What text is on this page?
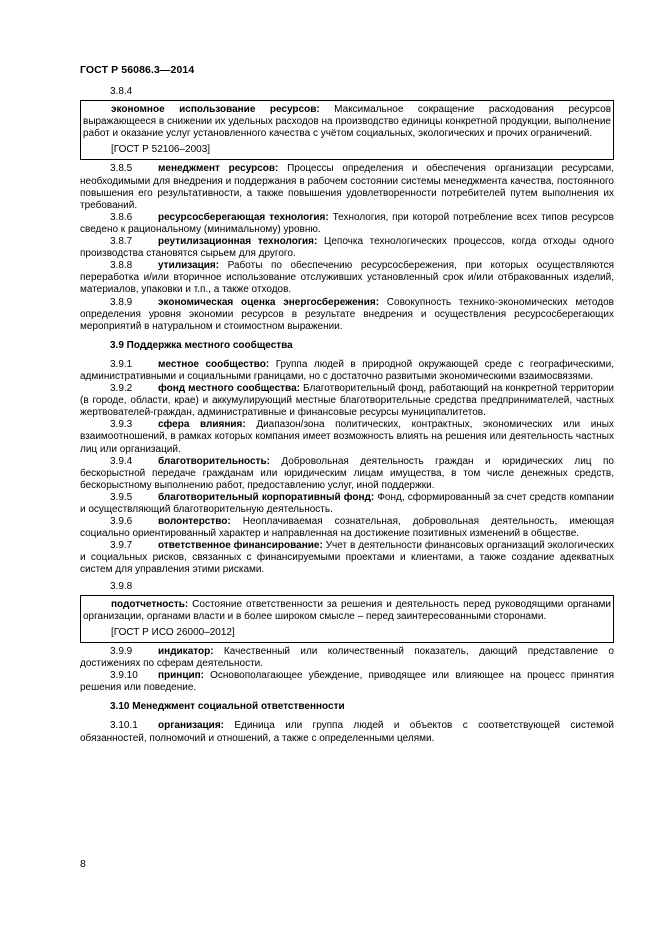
ГОСТ Р 56086.3—2014

3.8.4

экономное использование ресурсов: Максимальное сокращение расходования ресурсов выражающееся в снижении их удельных расходов на производство единицы конкретной продукции, выполнение работ и оказание услуг установленного качества с учётом социальных, экологических и прочих ограничений.

[ГОСТ Р 52106–2003]

3.8.5	менеджмент ресурсов: Процессы определения и обеспечения организации ресурсами, необходимыми для внедрения и поддержания в рабочем состоянии системы менеджмента качества, постоянного повышения его результативности, а также повышения удовлетворенности потребителей путем выполнения их требований.

3.8.6	ресурсосберегающая технология: Технология, при которой потребление всех типов ресурсов сведено к рациональному (минимальному) уровню.

3.8.7	реутилизационная технология: Цепочка технологических процессов, когда отходы одного производства становятся сырьем для другого.

3.8.8	утилизация: Работы по обеспечению ресурсосбережения, при которых осуществляются переработка и/или вторичное использование отслуживших установленный срок и/или отбракованных изделий, материалов, упаковки и т.п., а также отходов.

3.8.9	экономическая оценка энергосбережения: Совокупность технико-экономических методов определения уровня экономии ресурсов в результате внедрения и осуществления ресурсосберегающих мероприятий в натуральном и стоимостном выражении.

3.9 Поддержка местного сообщества

3.9.1	местное сообщество: Группа людей в природной окружающей среде с географическими, административными и социальными границами, но с достаточно развитыми экономическими взаимосвязями.

3.9.2	фонд местного сообщества: Благотворительный фонд, работающий на конкретной территории (в городе, области, крае) и аккумулирующий местные благотворительные средства предпринимателей, частных жертвователей-граждан, административные и финансовые ресурсы муниципалитетов.

3.9.3	сфера влияния: Диапазон/зона политических, контрактных, экономических или иных взаимоотношений, в рамках которых компания имеет возможность влиять на решения или деятельность частных лиц или организаций.

3.9.4	благотворительность: Добровольная деятельность граждан и юридических лиц по бескорыстной передаче гражданам или юридическим лицам имущества, в том числе денежных средств, бескорыстному выполнению работ, предоставлению услуг, иной поддержки.

3.9.5	благотворительный корпоративный фонд: Фонд, сформированный за счет средств компании и осуществляющий благотворительную деятельность.

3.9.6	волонтерство: Неоплачиваемая сознательная, добровольная деятельность, имеющая социально ориентированный характер и направленная на достижение позитивных изменений в обществе.

3.9.7	ответственное финансирование: Учет в деятельности финансовых организаций экологических и социальных рисков, связанных с финансируемыми проектами и клиентами, а также создание адекватных систем для управления этими рисками.

3.9.8

подотчетность: Состояние ответственности за решения и деятельность перед руководящими органами организации, органами власти и в более широком смысле – перед заинтересованными сторонами.

[ГОСТ Р ИСО 26000–2012]

3.9.9	индикатор: Качественный или количественный показатель, дающий представление о достижениях по сферам деятельности.

3.9.10 принцип: Основополагающее убеждение, приводящее или влияющее на процесс принятия решения или поведение.

3.10 Менеджмент социальной ответственности

3.10.1 организация: Единица или группа людей и объектов с соответствующей системой обязанностей, полномочий и отношений, а также с определенными целями.

8
